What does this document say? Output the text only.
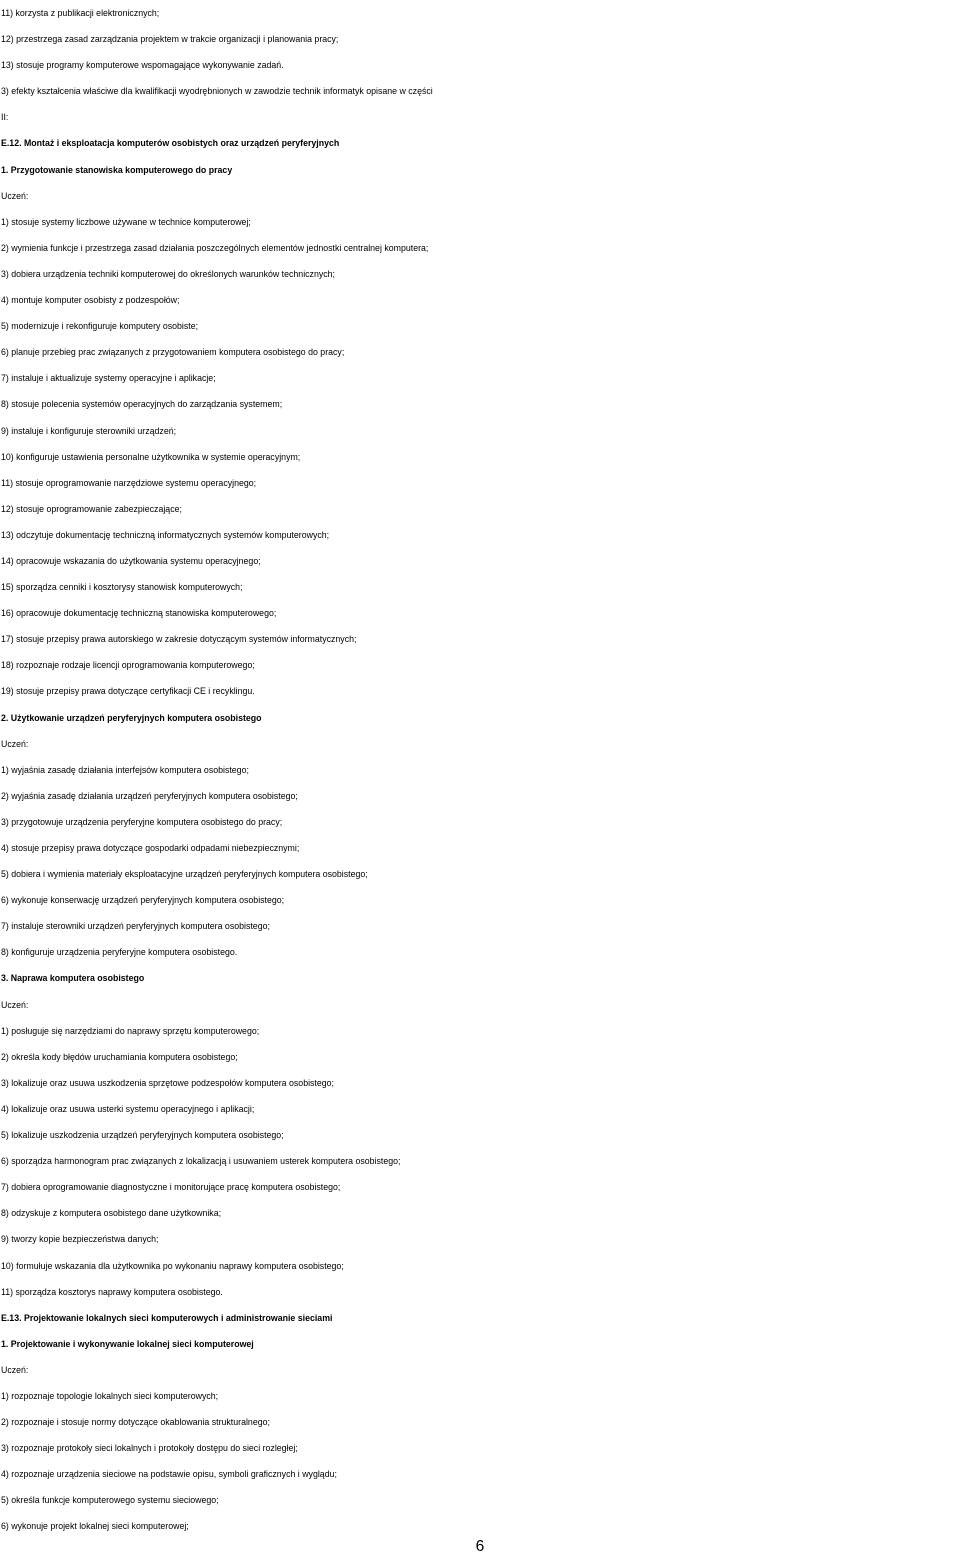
11) korzysta z publikacji elektronicznych;
12) przestrzega zasad zarządzania projektem w trakcie organizacji i planowania pracy;
13) stosuje programy komputerowe wspomagające wykonywanie zadań.
3) efekty kształcenia właściwe dla kwalifikacji wyodrębnionych w zawodzie technik informatyk opisane w części
II:
E.12. Montaż i eksploatacja komputerów osobistych oraz urządzeń peryferyjnych
1. Przygotowanie stanowiska komputerowego do pracy
Uczeń:
1) stosuje systemy liczbowe używane w technice komputerowej;
2) wymienia funkcje i przestrzega zasad działania poszczególnych elementów jednostki centralnej komputera;
3) dobiera urządzenia techniki komputerowej do określonych warunków technicznych;
4) montuje komputer osobisty z podzespołów;
5) modernizuje i rekonfiguruje komputery osobiste;
6) planuje przebieg prac związanych z przygotowaniem komputera osobistego do pracy;
7) instaluje i aktualizuje systemy operacyjne i aplikacje;
8) stosuje polecenia systemów operacyjnych do zarządzania systemem;
9) instaluje i konfiguruje sterowniki urządzeń;
10) konfiguruje ustawienia personalne użytkownika w systemie operacyjnym;
11) stosuje oprogramowanie narzędziowe systemu operacyjnego;
12) stosuje oprogramowanie zabezpieczające;
13) odczytuje dokumentację techniczną informatycznych systemów komputerowych;
14) opracowuje wskazania do użytkowania systemu operacyjnego;
15) sporządza cenniki i kosztorysy stanowisk komputerowych;
16) opracowuje dokumentację techniczną stanowiska komputerowego;
17) stosuje przepisy prawa autorskiego w zakresie dotyczącym systemów informatycznych;
18) rozpoznaje rodzaje licencji oprogramowania komputerowego;
19) stosuje przepisy prawa dotyczące certyfikacji CE i recyklingu.
2. Użytkowanie urządzeń peryferyjnych komputera osobistego
Uczeń:
1) wyjaśnia zasadę działania interfejsów komputera osobistego;
2) wyjaśnia zasadę działania urządzeń peryferyjnych komputera osobistego;
3) przygotowuje urządzenia peryferyjne komputera osobistego do pracy;
4) stosuje przepisy prawa dotyczące gospodarki odpadami niebezpiecznymi;
5) dobiera i wymienia materiały eksploatacyjne urządzeń peryferyjnych komputera osobistego;
6) wykonuje konserwację urządzeń peryferyjnych komputera osobistego;
7) instaluje sterowniki urządzeń peryferyjnych komputera osobistego;
8) konfiguruje urządzenia peryferyjne komputera osobistego.
3. Naprawa komputera osobistego
Uczeń:
1) posługuje się narzędziami do naprawy sprzętu komputerowego;
2) określa kody błędów uruchamiania komputera osobistego;
3) lokalizuje oraz usuwa uszkodzenia sprzętowe podzespołów komputera osobistego;
4) lokalizuje oraz usuwa usterki systemu operacyjnego i aplikacji;
5) lokalizuje uszkodzenia urządzeń peryferyjnych komputera osobistego;
6) sporządza harmonogram prac związanych z lokalizacją i usuwaniem usterek komputera osobistego;
7) dobiera oprogramowanie diagnostyczne i monitorujące pracę komputera osobistego;
8) odzyskuje z komputera osobistego dane użytkownika;
9) tworzy kopie bezpieczeństwa danych;
10) formułuje wskazania dla użytkownika po wykonaniu naprawy komputera osobistego;
11) sporządza kosztorys naprawy komputera osobistego.
E.13. Projektowanie lokalnych sieci komputerowych i administrowanie sieciami
1. Projektowanie i wykonywanie lokalnej sieci komputerowej
Uczeń:
1) rozpoznaje topologie lokalnych sieci komputerowych;
2) rozpoznaje i stosuje normy dotyczące okablowania strukturalnego;
3) rozpoznaje protokoły sieci lokalnych i protokoły dostępu do sieci rozległej;
4) rozpoznaje urządzenia sieciowe na podstawie opisu, symboli graficznych i wyglądu;
5) określa funkcje komputerowego systemu sieciowego;
6) wykonuje projekt lokalnej sieci komputerowej;
6
